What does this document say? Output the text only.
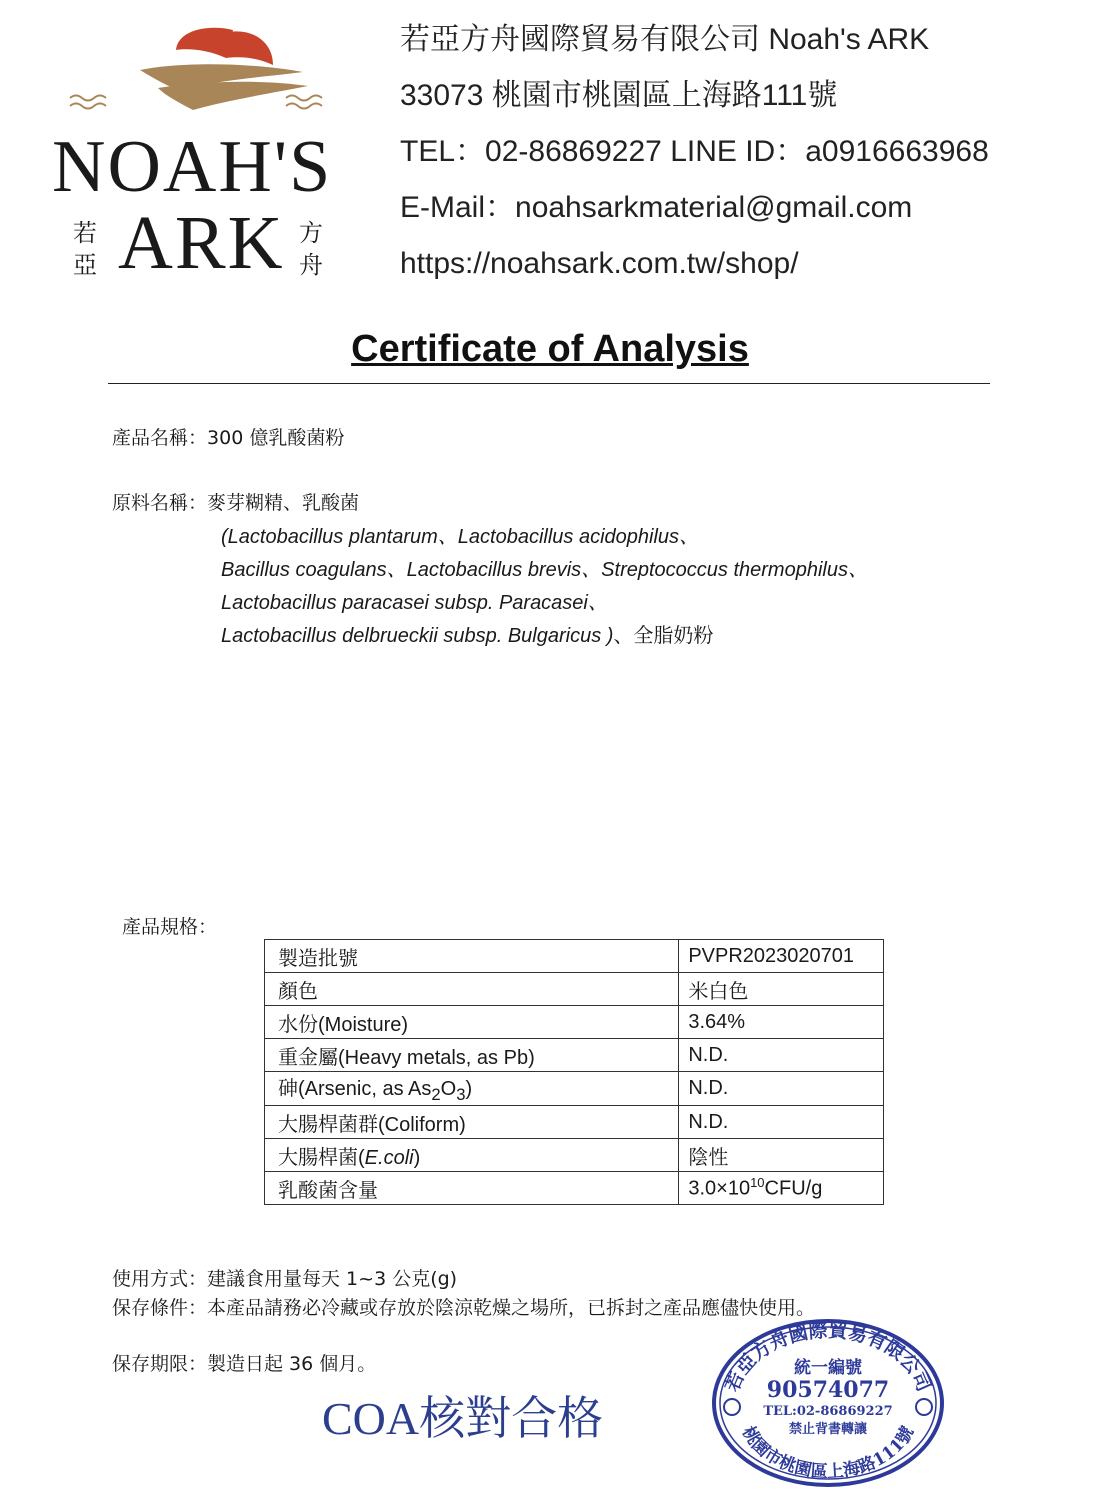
NOAH'S
ARK
若
亞
方
舟
若亞方舟國際貿易有限公司 Noah's ARK
33073 桃園市桃園區上海路111號
TEL：02-86869227 LINE ID：a0916663968
E-Mail：noahsarkmaterial@gmail.com
https://noahsark.com.tw/shop/
Certificate of Analysis
產品名稱：300 億乳酸菌粉
原料名稱：麥芽糊精、乳酸菌
(Lactobacillus plantarum、Lactobacillus acidophilus、
Bacillus coagulans、Lactobacillus brevis、Streptococcus thermophilus、
Lactobacillus paracasei subsp. Paracasei、
Lactobacillus delbrueckii subsp. Bulgaricus )、全脂奶粉
產品規格：
製造批號	PVPR2023020701
顏色	米白色
水份(Moisture)	3.64%
重金屬(Heavy metals, as Pb)	N.D.
砷(Arsenic, as $As_2O_3$)	N.D.
大腸桿菌群(Coliform)	N.D.
大腸桿菌(E.coli)	陰性
乳酸菌含量	$3.0\times 10^{10}CFU/g$
使用方式：建議食用量每天 1~3 公克(g)
保存條件：本產品請務必冷藏或存放於陰涼乾燥之場所，已拆封之產品應儘快使用。
保存期限：製造日起 36 個月。
COA核對合格
若亞方舟國際貿易有限公司
桃園市桃園區上海路111號
統一編號
90574077
TEL:02-86869227
禁止背書轉讓
